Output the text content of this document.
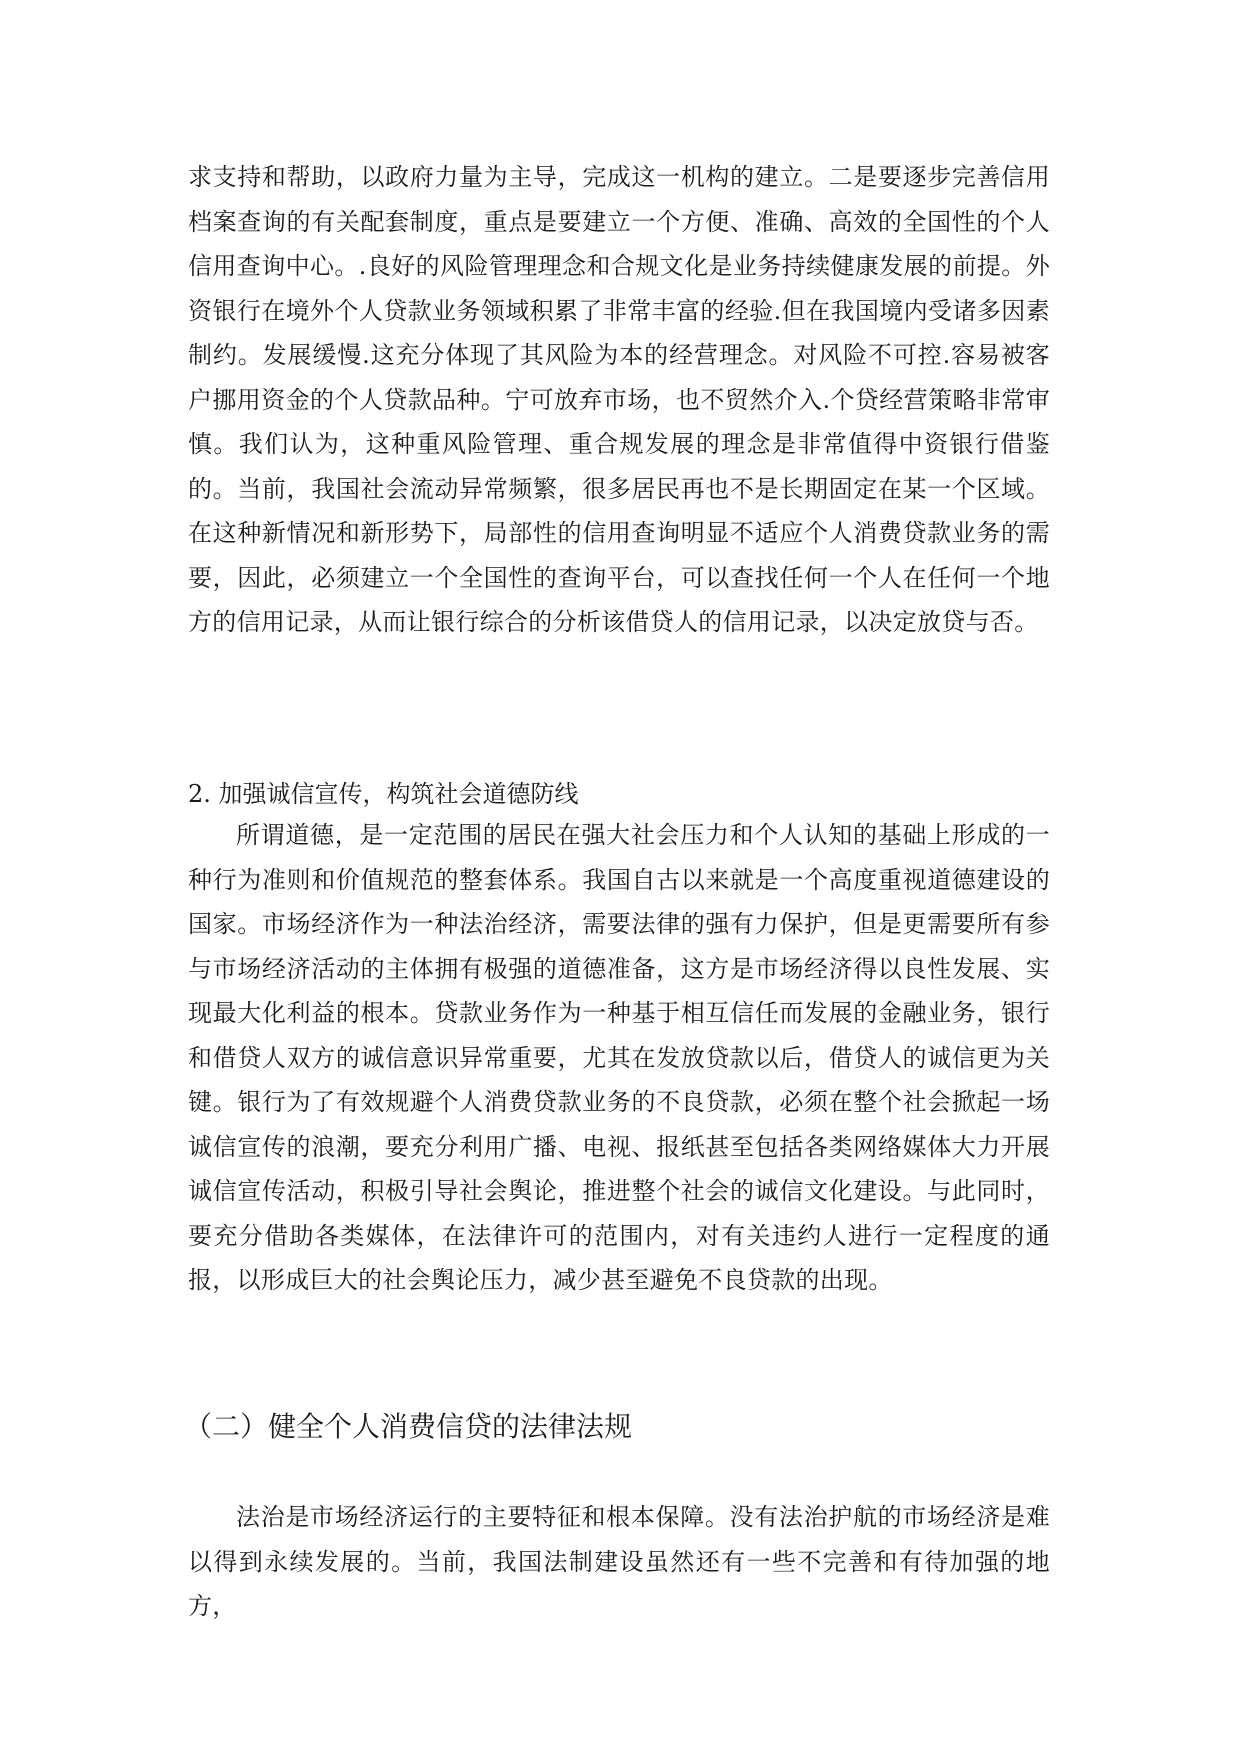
求支持和帮助，以政府力量为主导，完成这一机构的建立。二是要逐步完善信用档案查询的有关配套制度，重点是要建立一个方便、准确、高效的全国性的个人信用查询中心。.良好的风险管理理念和合规文化是业务持续健康发展的前提。外资银行在境外个人贷款业务领域积累了非常丰富的经验.但在我国境内受诸多因素制约。发展缓慢.这充分体现了其风险为本的经营理念。对风险不可控.容易被客户挪用资金的个人贷款品种。宁可放弃市场，也不贸然介入.个贷经营策略非常审慎。我们认为，这种重风险管理、重合规发展的理念是非常值得中资银行借鉴的。当前，我国社会流动异常频繁，很多居民再也不是长期固定在某一个区域。在这种新情况和新形势下，局部性的信用查询明显不适应个人消费贷款业务的需要，因此，必须建立一个全国性的查询平台，可以查找任何一个人在任何一个地方的信用记录，从而让银行综合的分析该借贷人的信用记录，以决定放贷与否。

2. 加强诚信宣传，构筑社会道德防线

所谓道德，是一定范围的居民在强大社会压力和个人认知的基础上形成的一种行为准则和价值规范的整套体系。我国自古以来就是一个高度重视道德建设的国家。市场经济作为一种法治经济，需要法律的强有力保护，但是更需要所有参与市场经济活动的主体拥有极强的道德准备，这方是市场经济得以良性发展、实现最大化利益的根本。贷款业务作为一种基于相互信任而发展的金融业务，银行和借贷人双方的诚信意识异常重要，尤其在发放贷款以后，借贷人的诚信更为关键。银行为了有效规避个人消费贷款业务的不良贷款，必须在整个社会掀起一场诚信宣传的浪潮，要充分利用广播、电视、报纸甚至包括各类网络媒体大力开展诚信宣传活动，积极引导社会舆论，推进整个社会的诚信文化建设。与此同时，要充分借助各类媒体，在法律许可的范围内，对有关违约人进行一定程度的通报，以形成巨大的社会舆论压力，减少甚至避免不良贷款的出现。

（二）健全个人消费信贷的法律法规

法治是市场经济运行的主要特征和根本保障。没有法治护航的市场经济是难以得到永续发展的。当前，我国法制建设虽然还有一些不完善和有待加强的地方，
